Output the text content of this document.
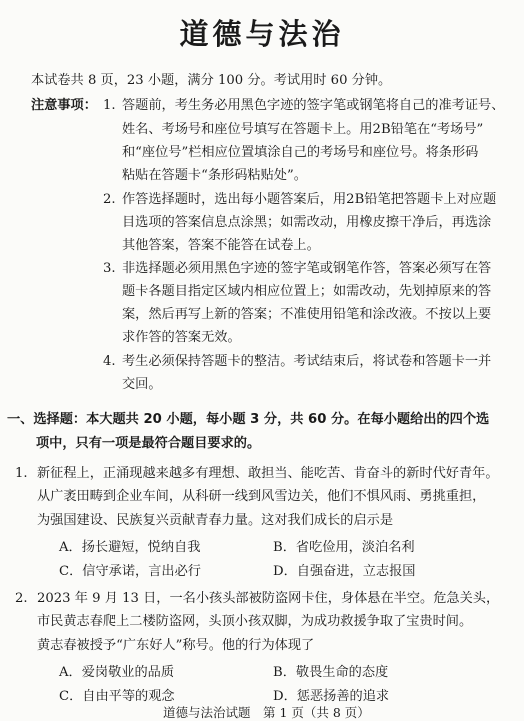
道德与法治
本试卷共 8 页，23 小题，满分 100 分。考试用时 60 分钟。
注意事项： 1. 答题前，考生务必用黑色字迹的签字笔或钢笔将自己的准考证号、
姓名、考场号和座位号填写在答题卡上。用2B铅笔在“考场号”
和“座位号”栏相应位置填涂自己的考场号和座位号。将条形码
粘贴在答题卡“条形码粘贴处”。
2. 作答选择题时，选出每小题答案后，用2B铅笔把答题卡上对应题
目选项的答案信息点涂黑；如需改动，用橡皮擦干净后，再选涂
其他答案，答案不能答在试卷上。
3. 非选择题必须用黑色字迹的签字笔或钢笔作答，答案必须写在答
题卡各题目指定区域内相应位置上；如需改动，先划掉原来的答
案，然后再写上新的答案；不准使用铅笔和涂改液。不按以上要
求作答的答案无效。
4. 考生必须保持答题卡的整洁。考试结束后，将试卷和答题卡一并
交回。
一、选择题：本大题共 20 小题，每小题 3 分，共 60 分。在每小题给出的四个选
项中，只有一项是最符合题目要求的。
1. 新征程上，正涌现越来越多有理想、敢担当、能吃苦、肯奋斗的新时代好青年。
从广袤田畴到企业车间，从科研一线到风雪边关，他们不惧风雨、勇挑重担，
为强国建设、民族复兴贡献青春力量。这对我们成长的启示是
A．扬长避短，悦纳自我	B．省吃俭用，淡泊名利
C．信守承诺，言出必行	D．自强奋进，立志报国
2. 2023 年 9 月 13 日，一名小孩头部被防盗网卡住，身体悬在半空。危急关头，
市民黄志春爬上二楼防盗网，头顶小孩双脚，为成功救援争取了宝贵时间。
黄志春被授予“广东好人”称号。他的行为体现了
A．爱岗敬业的品质	B．敬畏生命的态度
C．自由平等的观念	D．惩恶扬善的追求
道德与法治试题　第 1 页（共 8 页）
